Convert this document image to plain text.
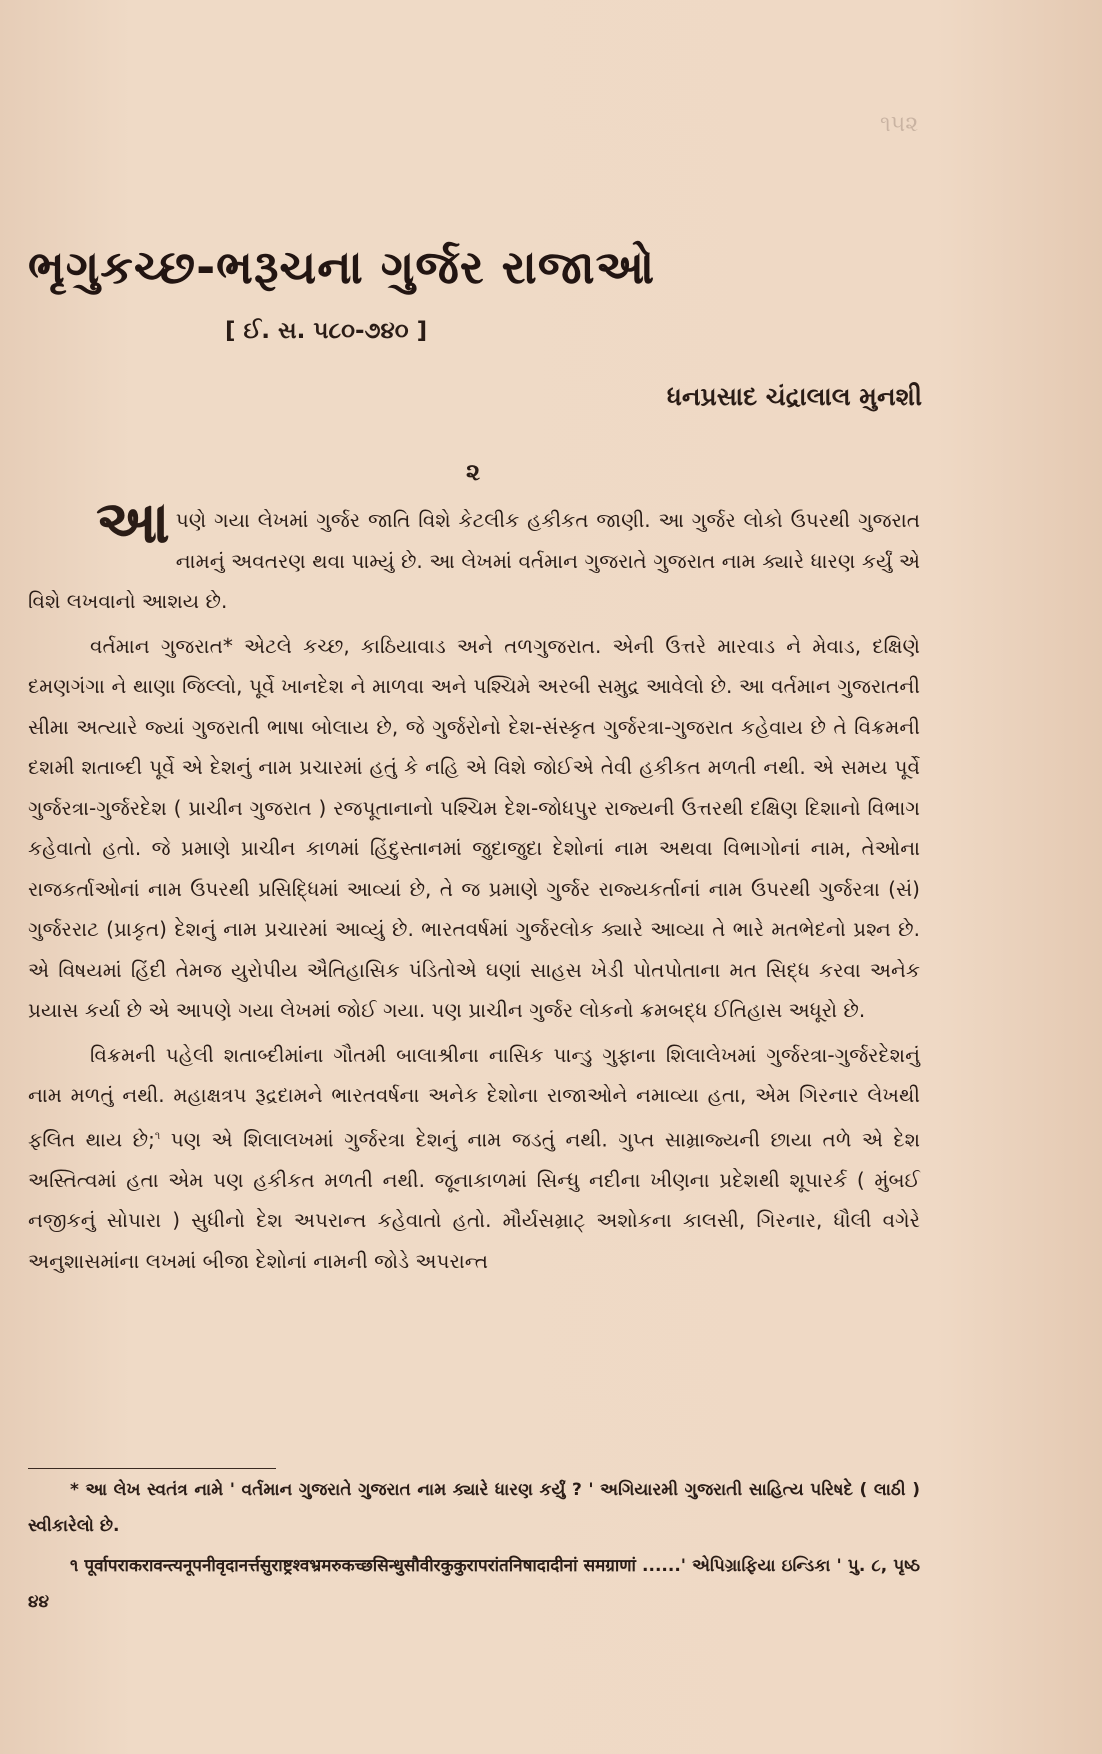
૧૫૨
ભૃગુકચ્છ-ભરૂચના ગુર્જર રાજાઓ
[ ઈ. સ. ૫૮૦-૭૪૦ ]
ધનપ્રસાદ ચંદ્રાલાલ મુનશી
૨

આપણે ગયા લેખમાં ગુર્જર જાતિ વિશે કેટલીક હકીકત જાણી. આ ગુર્જર લોકો ઉપરથી ગુજરાત નામનું અવતરણ થવા પામ્યું છે. આ લેખમાં વર્તમાન ગુજરાતે ગુજરાત નામ ક્યારે ધારણ કર્યું એ વિશે લખવાનો આશય છે.

વર્તમાન ગુજરાત* એટલે કચ્છ, કાઠિયાવાડ અને તળગુજરાત. એની ઉત્તરે મારવાડ ને મેવાડ, દક્ષિણે દમણગંગા ને થાણા જિલ્લો, પૂર્વે ખાનદેશ ને માળવા અને પશ્ચિમે અરબી સમુદ્ર આવેલો છે. આ વર્તમાન ગુજરાતની સીમા અત્યારે જ્યાં ગુજરાતી ભાષા બોલાય છે, જે ગુર્જરોનો દેશ-સંસ્કૃત ગુર્જરત્રા-ગુજરાત કહેવાય છે તે વિક્રમની દશમી શતાબ્દી પૂર્વે એ દેશનું નામ પ્રચારમાં હતું કે નહિ એ વિશે જોઈએ તેવી હકીકત મળતી નથી. એ સમય પૂર્વે ગુર્જરત્રા-ગુર્જરદેશ ( પ્રાચીન ગુજરાત ) રજપૂતાનાનો પશ્ચિમ દેશ-જોધપુર રાજ્યની ઉત્તરથી દક્ષિણ દિશાનો વિભાગ કહેવાતો હતો. જે પ્રમાણે પ્રાચીન કાળમાં હિંદુસ્તાનમાં જુદાજુદા દેશોનાં નામ અથવા વિભાગોનાં નામ, તેઓના રાજકર્તાઓનાં નામ ઉપરથી પ્રસિદ્ધિમાં આવ્યાં છે, તે જ પ્રમાણે ગુર્જર રાજ્યકર્તાનાં નામ ઉપરથી ગુર્જરત્રા (સં) ગુર્જરરાટ (પ્રાકૃત) દેશનું નામ પ્રચારમાં આવ્યું છે. ભારતવર્ષમાં ગુર્જરલોક ક્યારે આવ્યા તે ભારે મતભેદનો પ્રશ્ન છે. એ વિષયમાં હિંદી તેમજ યુરોપીય ઐતિહાસિક પંડિતોએ ઘણાં સાહસ ખેડી પોતપોતાના મત સિદ્ધ કરવા અનેક પ્રયાસ કર્યા છે એ આપણે ગયા લેખમાં જોઈ ગયા. પણ પ્રાચીન ગુર્જર લોકનો ક્રમબદ્ધ ઈતિહાસ અધૂરો છે.

વિક્રમની પહેલી શતાબ્દીમાંના ગૌતમી બાલાશ્રીના નાસિક પાન્ડુ ગુફાના શિલાલેખમાં ગુર્જરત્રા-ગુર્જરદેશનું નામ મળતું નથી. મહાક્ષત્રપ રૂદ્રદામને ભારતવર્ષના અનેક દેશોના રાજાઓને નમાવ્યા હતા, એમ ગિરનાર લેખથી ફલિત થાય છે;$^૧$ પણ એ શિલાલખમાં ગુર્જરત્રા દેશનું નામ જડતું નથી. ગુપ્ત સામ્રાજ્યની છાયા તળે એ દેશ અસ્તિત્વમાં હતા એમ પણ હકીકત મળતી નથી. જૂનાકાળમાં સિન્ધુ નદીના ખીણના પ્રદેશથી શૂપારર્ક ( મુંબઈ નજીકનું સોપારા ) સુધીનો દેશ અપરાન્ત કહેવાતો હતો. મૌર્યસમ્રાટ્ અશોકના કાલસી, ગિરનાર, ધૌલી વગેરે અનુશાસમાંના લખમાં બીજા દેશોનાં નામની જોડે અપરાન્ત

* આ લેખ સ્વતંત્ર નામે ' વર્તમાન ગુજરાતે ગુજરાત નામ ક્યારે ધારણ કર્યું ? ' અગિયારમી ગુજરાતી સાહિત્ય પરિષદે ( લાઠી ) સ્વીકારેલો છે.

૧ पूर्वापराकरावन्त्यनूपनीवृदानर्त्तसुराष्ट्रश्वभ्रमरुकच्छसिन्धुसौवीरकुकुरापरांतनिषादादीनां समग्राणां ......' એપિગ્રાફિયા ઇન્ડિકા ' પુ. ૮, પૃષ્ઠ ૪૪
